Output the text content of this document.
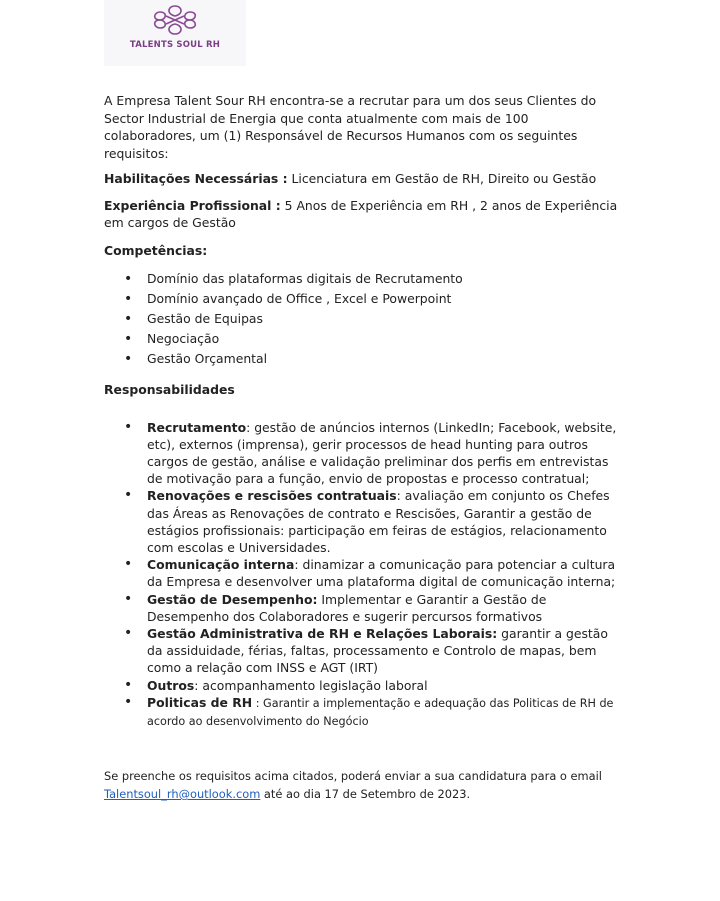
TALENTS SOUL RH

A Empresa Talent Sour RH encontra-se a recrutar para um dos seus Clientes do Sector Industrial de Energia que conta atualmente com mais de 100 colaboradores, um (1) Responsável de Recursos Humanos com os seguintes requisitos:

Habilitações Necessárias : Licenciatura em Gestão de RH, Direito ou Gestão

Experiência Profissional : 5 Anos de Experiência em RH , 2 anos de Experiência em cargos de Gestão

Competências:

• Domínio das plataformas digitais de Recrutamento
• Domínio avançado de Office , Excel e Powerpoint
• Gestão de Equipas
• Negociação
• Gestão Orçamental

Responsabilidades

• Recrutamento: gestão de anúncios internos (LinkedIn; Facebook, website, etc), externos (imprensa), gerir processos de head hunting para outros cargos de gestão, análise e validação preliminar dos perfis em entrevistas de motivação para a função, envio de propostas e processo contratual;
• Renovações e rescisões contratuais: avaliação em conjunto os Chefes das Áreas as Renovações de contrato e Rescisões, Garantir a gestão de estágios profissionais: participação em feiras de estágios, relacionamento com escolas e Universidades.
• Comunicação interna: dinamizar a comunicação para potenciar a cultura da Empresa e desenvolver uma plataforma digital de comunicação interna;
• Gestão de Desempenho: Implementar e Garantir a Gestão de Desempenho dos Colaboradores e sugerir percursos formativos
• Gestão Administrativa de RH e Relações Laborais: garantir a gestão da assiduidade, férias, faltas, processamento e Controlo de mapas, bem como a relação com INSS e AGT (IRT)
• Outros: acompanhamento legislação laboral
• Politicas de RH : Garantir a implementação e adequação das Politicas de RH de acordo ao desenvolvimento do Negócio
Se preenche os requisitos acima citados, poderá enviar a sua candidatura para o email
Talentsoul_rh@outlook.com até ao dia 17 de Setembro de 2023.
